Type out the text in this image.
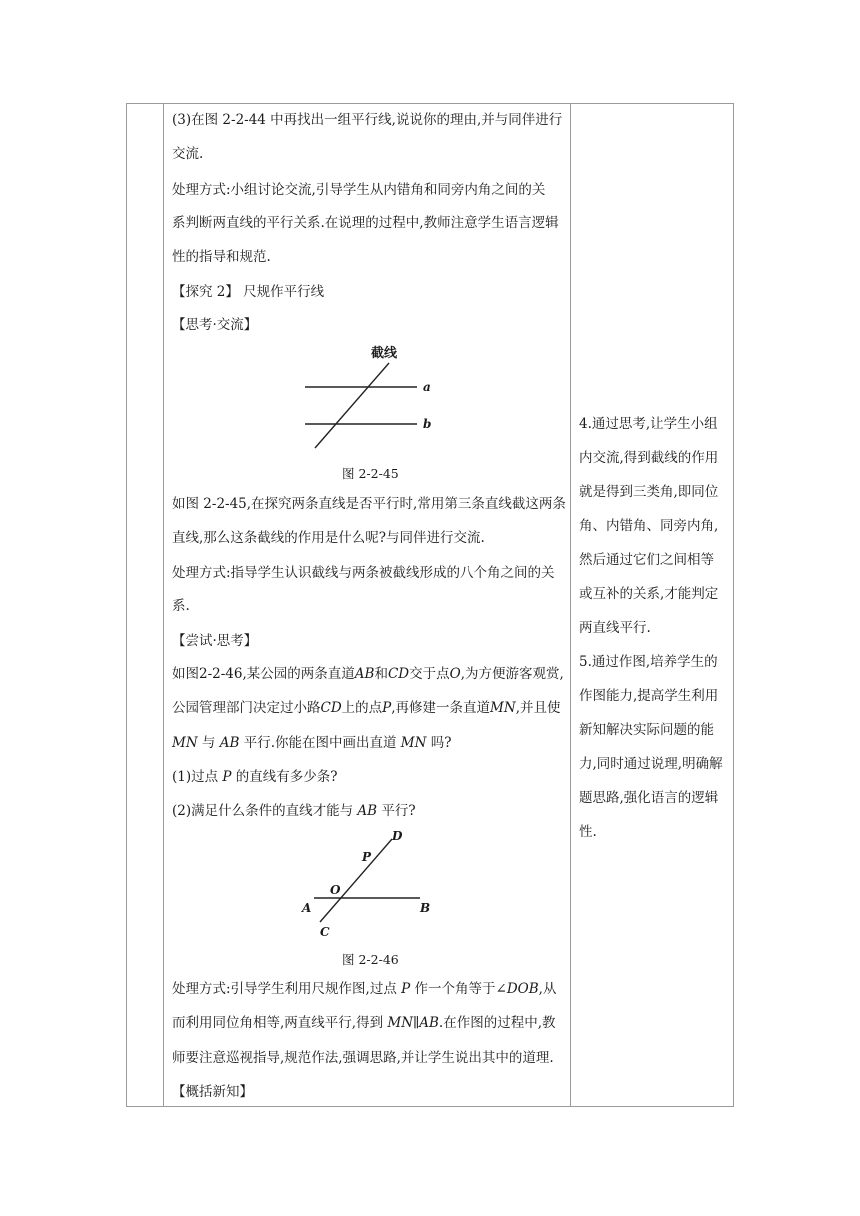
(3)在图 2-2-44 中再找出一组平行线,说说你的理由,并与同伴进行
交流.
处理方式:小组讨论交流,引导学生从内错角和同旁内角之间的关
系判断两直线的平行关系.在说理的过程中,教师注意学生语言逻辑
性的指导和规范.
【探究 2】 尺规作平行线
【思考·交流】
截线
a
b
图 2-2-45
如图 2-2-45,在探究两条直线是否平行时,常用第三条直线截这两条
直线,那么这条截线的作用是什么呢?与同伴进行交流.
处理方式:指导学生认识截线与两条被截线形成的八个角之间的关
系.
【尝试·思考】
如图2-2-46,某公园的两条直道AB和CD交于点O,为方便游客观赏,
公园管理部门决定过小路CD上的点P,再修建一条直道MN,并且使
MN 与 AB 平行.你能在图中画出直道 MN 吗?
(1)过点 P 的直线有多少条?
(2)满足什么条件的直线才能与 AB 平行?
D
P
O
A	B
C
图 2-2-46
处理方式:引导学生利用尺规作图,过点 P 作一个角等于∠DOB,从
而利用同位角相等,两直线平行,得到 MN∥AB.在作图的过程中,教
师要注意巡视指导,规范作法,强调思路,并让学生说出其中的道理.
【概括新知】
4.通过思考,让学生小组
内交流,得到截线的作用
就是得到三类角,即同位
角、内错角、同旁内角,
然后通过它们之间相等
或互补的关系,才能判定
两直线平行.
5.通过作图,培养学生的
作图能力,提高学生利用
新知解决实际问题的能
力,同时通过说理,明确解
题思路,强化语言的逻辑
性.
